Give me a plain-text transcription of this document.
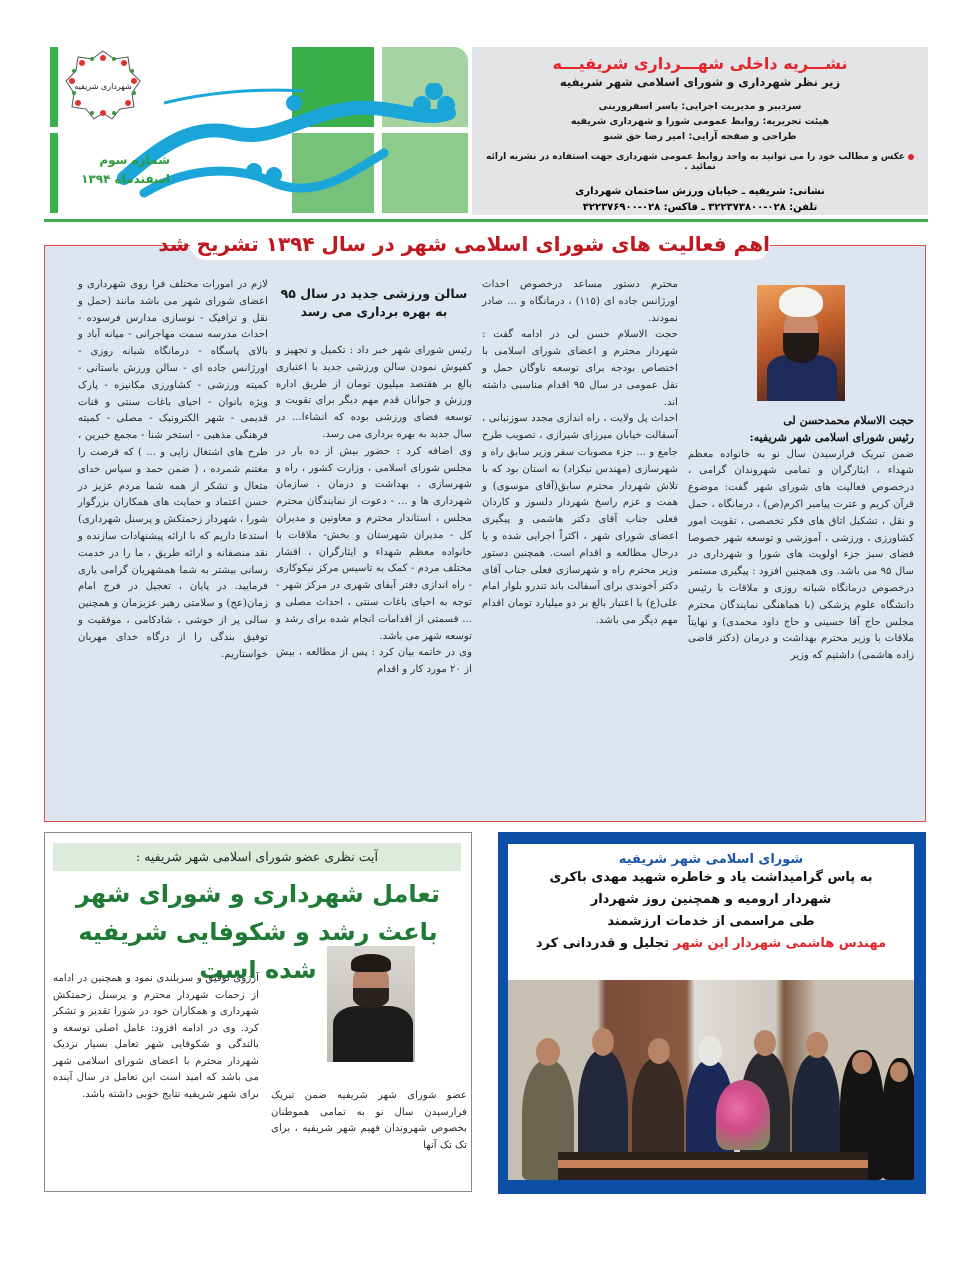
شهرداری شریفیه
شماره سوم
اسفندماه ۱۳۹۴
نشـــریه داخلی شهـــرداری شریفیـــه
زیر نظر شهرداری و شورای اسلامی شهر شریفیه
سردبیر و مدیریت اجرایی: یاسر اسفرورینی
هیئت تحریریه: روابط عمومی شورا و شهرداری شریفیه
طراحی و صفحه آرایی: امیر رضا حق شنو
عکس و مطالب خود را می توانید به واحد روابط عمومی شهرداری جهت استفاده در نشریه ارائه نمائید .
نشانی: شریفیه ـ خیابان ورزش ساختمان شهرداری
تلفن: ۰۲۸-۳۲۲۳۷۳۸۰۰ ـ فاکس: ۰۲۸-۳۲۲۳۷۶۹۰۰
اهم فعالیت های شورای اسلامی شهر در سال ۱۳۹۴ تشریح شد

حجت الاسلام محمدحسن لی

رئیس شورای اسلامی شهر شریفیه:

ضمن تبریک فرارسیدن سال نو به خانواده معظم شهداء ، ایثارگران و تمامی شهروندان گرامی ، درخصوص فعالیت های شورای شهر گفت: موضوع قرآن کریم و عترت پیامبر اکرم(ص) ، درمانگاه ، حمل و نقل ، تشکیل اتاق های فکر تخصصی ، تقویت امور کشاورزی ، ورزشی ، آموزشی و توسعه شهر خصوصا فضای سبز جزء اولویت های شورا و شهرداری در سال ۹۵ می باشد. وی همچنین افزود : پیگیری مستمر درخصوص درمانگاه شبانه روزی و ملاقات با رئیس دانشگاه علوم پزشکی (با هماهنگی نمایندگان محترم مجلس حاج آقا حسینی و حاج داود محمدی) و نهایتاً ملاقات با وزیر محترم بهداشت و درمان (دکتر قاضی زاده هاشمی) داشتیم که وزیر

محترم دستور مساعد درخصوص احداث اورژانس جاده ای (۱۱۵) ، درمانگاه و ... صادر نمودند.

حجت الاسلام حسن لی در ادامه گفت : شهردار محترم و اعضای شورای اسلامی با اختصاص بودجه برای توسعه ناوگان حمل و نقل عمومی در سال ۹۵ اقدام مناسبی داشته اند.

احداث پل ولایت ، راه اندازی مجدد سوزنبانی ، آسفالت خیابان میرزای شیرازی ، تصویب طرح جامع و ... جزء مصوبات سفر وزیر سابق راه و شهرسازی (مهندس نیکزاد) به استان بود که با تلاش شهردار محترم سابق(آقای موسوی) و همت و عزم راسخ شهردار دلسوز و کاردان فعلی جناب آقای دکتر هاشمی و پیگیری اعضای شورای شهر ، اکثراً اجرایی شده و یا درحال مطالعه و اقدام است. همچنین دستور وزیر محترم راه و شهرسازی فعلی جناب آقای دکتر آخوندی برای آسفالت باند تندرو بلوار امام علی(ع) با اعتبار بالغ بر دو میلیارد تومان اقدام مهم دیگر می باشد.

سالن ورزشی جدید در سال ۹۵ به بهره برداری می رسد

رئیس شورای شهر خبر داد : تکمیل و تجهیز و کفپوش نمودن سالن ورزشی جدید با اعتباری بالغ بر هفتصد میلیون تومان از طریق اداره ورزش و جوانان قدم مهم دیگر برای تقویت و توسعه فضای ورزشی بوده که انشاءا... در سال جدید به بهره برداری می رسد.

وی اضافه کرد : حضور بیش از ده بار در مجلس شورای اسلامی ، وزارت کشور ، راه و شهرسازی ، بهداشت و درمان ، سازمان شهرداری ها و ... - دعوت از نمایندگان محترم مجلس ، استاندار محترم و معاونین و مدیران کل - مدیران شهرستان و بخش- ملاقات با خانواده معظم شهداء و ایثارگران ، اقشار مختلف مردم - کمک به تاسیس مرکز نیکوکاری - راه اندازی دفتر آبفای شهری در مرکز شهر - توجه به احیای باغات سنتی ، احداث مصلی و ... قسمتی از اقدامات انجام شده برای رشد و توسعه شهر می باشد.

وی در خاتمه بیان کرد : پس از مطالعه ، بیش از ۲۰ مورد کار و اقدام

لازم در امورات مختلف فرا روی شهرداری و اعضای شورای شهر می باشد مانند (حمل و نقل و ترافیک - نوسازی مدارس فرسوده - احداث مدرسه سمت مهاجرانی - میانه آباد و بالای پاسگاه - درمانگاه شبانه روزی - اورژانس جاده ای - سالن ورزش باستانی - کمیته ورزشی - کشاورزی مکانیزه - پارک ویژه بانوان - احیای باغات سنتی و قنات قدیمی - شهر الکترونیک - مصلی - کمیته فرهنگی مذهبی - استخر شنا - مجمع خیرین ، طرح های اشتغال زایی و ... ) که فرصت را مغتنم شمرده ، ( ضمن حمد و سپاس خدای متعال و تشکر از همه شما مردم عزیز در حسن اعتماد و حمایت های همکاران بزرگوار شورا ، شهردار زحمتکش و پرسنل شهرداری) استدعا داریم که با ارائه پیشنهادات سازنده و نقد منصفانه و ارائه طریق ، ما را در خدمت رسانی بیشتر به شما همشهریان گرامی یاری فرمایید. در پایان ، تعجیل در فرج امام زمان(عج) و سلامتی رهبر عزیزمان و همچنین سالی پر از خوشی ، شادکامی ، موفقیت و توفیق بندگی را از درگاه خدای مهربان خواستاریم.

آیت نظری عضو شورای اسلامی شهر شریفیه :
تعامل شهرداری و شورای شهر باعث رشد و شکوفایی شریفیه شده است
عضو شورای شهر شریفیه ضمن تبریک فرارسیدن سال نو به تمامی هموطنان بخصوص شهروندان فهیم شهر شریفیه ، برای تک تک آنها
آرزوی توفیق و سربلندی نمود و همچنین در ادامه از زحمات شهردار محترم و پرسنل زحمتکش شهرداری و همکاران خود در شورا تقدیر و تشکر کرد. وی در ادامه افزود: عامل اصلی توسعه و بالندگی و شکوفایی شهر تعامل بسیار نزدیک شهردار محترم با اعضای شورای اسلامی شهر می باشد که امید است این تعامل در سال آینده برای شهر شریفیه نتایج خوبی داشته باشد.
شورای اسلامی شهر شریفیه
به پاس گرامیداشت یاد و خاطره شهید مهدی باکری
شهردار ارومیه و همچنین روز شهردار
طی مراسمی از خدمات ارزشمند
مهندس هاشمی شهردار این شهر تجلیل و قدردانی کرد
